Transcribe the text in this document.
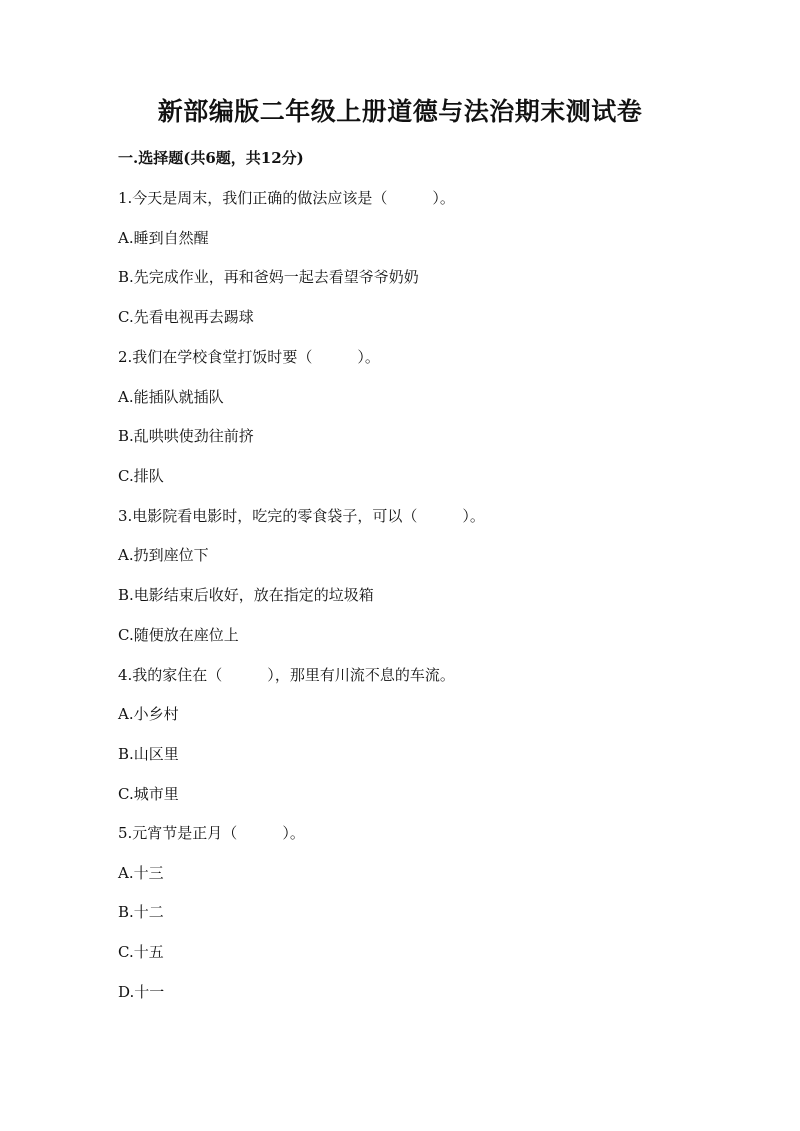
新部编版二年级上册道德与法治期末测试卷
一.选择题(共6题，共12分)
1.今天是周末，我们正确的做法应该是（　　　）。
A.睡到自然醒
B.先完成作业，再和爸妈一起去看望爷爷奶奶
C.先看电视再去踢球
2.我们在学校食堂打饭时要（　　　）。
A.能插队就插队
B.乱哄哄使劲往前挤
C.排队
3.电影院看电影时，吃完的零食袋子，可以（　　　）。
A.扔到座位下
B.电影结束后收好，放在指定的垃圾箱
C.随便放在座位上
4.我的家住在（　　　），那里有川流不息的车流。
A.小乡村
B.山区里
C.城市里
5.元宵节是正月（　　　）。
A.十三
B.十二
C.十五
D.十一
